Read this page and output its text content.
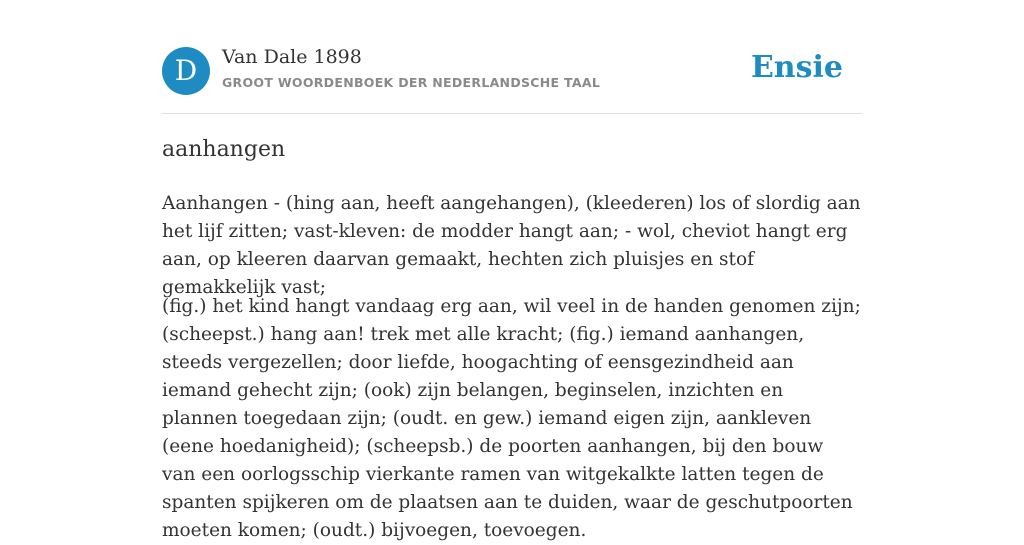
D	Van Dale 1898
GROOT WOORDENBOEK DER NEDERLANDSCHE TAAL	Ensie
aanhangen

Aanhangen - (hing aan, heeft aangehangen), (kleederen) los of slordig aan het lijf zitten; vast-kleven: de modder hangt aan; - wol, cheviot hangt erg aan, op kleeren daarvan gemaakt, hechten zich pluisjes en stof gemakkelijk vast;

(fig.) het kind hangt vandaag erg aan, wil veel in de handen genomen zijn; (scheepst.) hang aan! trek met alle kracht; (fig.) iemand aanhangen, steeds vergezellen; door liefde, hoogachting of eensgezindheid aan iemand gehecht zijn; (ook) zijn belangen, beginselen, inzichten en plannen toegedaan zijn; (oudt. en gew.) iemand eigen zijn, aankleven (eene hoedanigheid); (scheepsb.) de poorten aanhangen, bij den bouw van een oorlogsschip vierkante ramen van witgekalkte latten tegen de spanten spijkeren om de plaatsen aan te duiden, waar de geschutpoorten moeten komen; (oudt.) bijvoegen, toevoegen.
